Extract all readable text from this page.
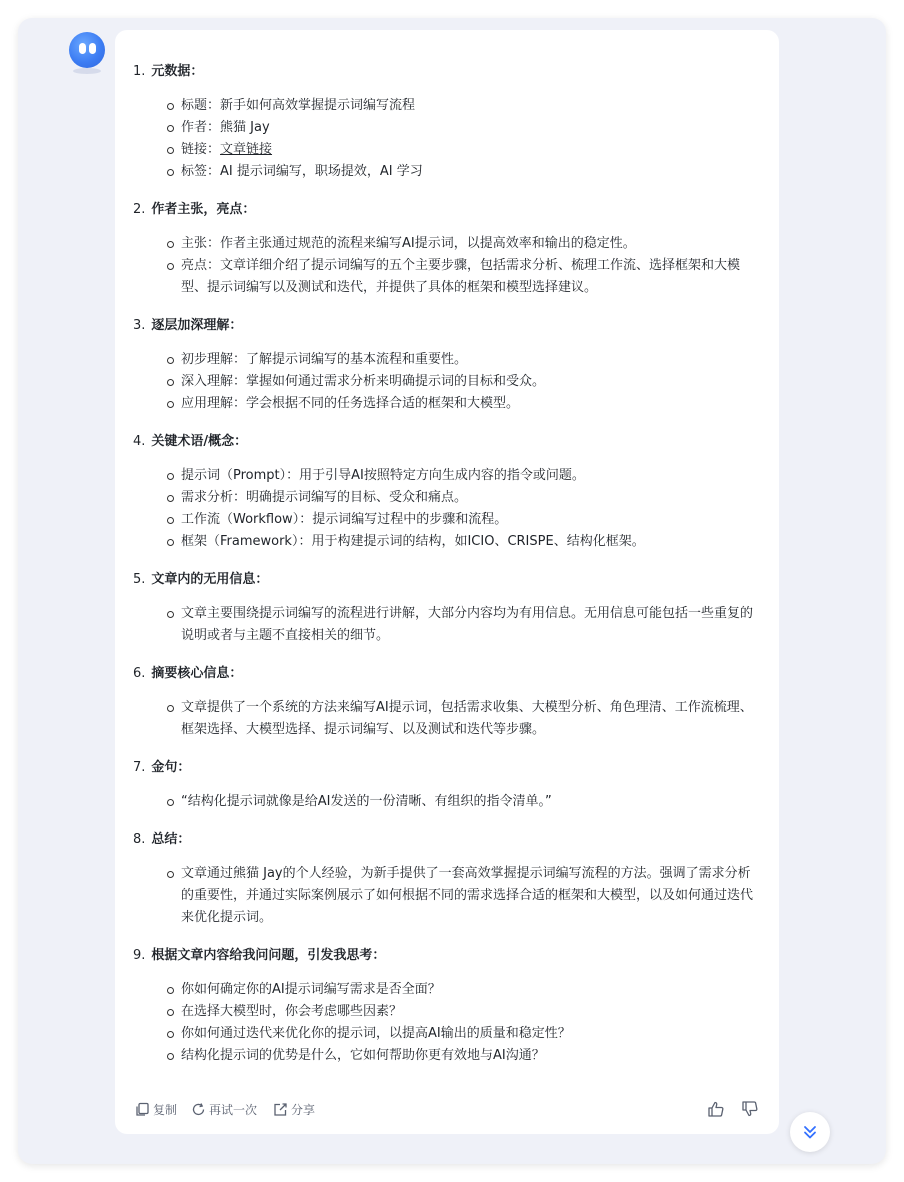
1. 元数据：
标题：新手如何高效掌握提示词编写流程
作者：熊猫 Jay
链接：文章链接
标签：AI 提示词编写，职场提效，AI 学习
2. 作者主张，亮点：
主张：作者主张通过规范的流程来编写AI提示词，以提高效率和输出的稳定性。
亮点：文章详细介绍了提示词编写的五个主要步骤，包括需求分析、梳理工作流、选择框架和大模型、提示词编写以及测试和迭代，并提供了具体的框架和模型选择建议。
3. 逐层加深理解：
初步理解：了解提示词编写的基本流程和重要性。
深入理解：掌握如何通过需求分析来明确提示词的目标和受众。
应用理解：学会根据不同的任务选择合适的框架和大模型。
4. 关键术语/概念：
提示词（Prompt）：用于引导AI按照特定方向生成内容的指令或问题。
需求分析：明确提示词编写的目标、受众和痛点。
工作流（Workflow）：提示词编写过程中的步骤和流程。
框架（Framework）：用于构建提示词的结构，如ICIO、CRISPE、结构化框架。
5. 文章内的无用信息：
文章主要围绕提示词编写的流程进行讲解，大部分内容均为有用信息。无用信息可能包括一些重复的说明或者与主题不直接相关的细节。
6. 摘要核心信息：
文章提供了一个系统的方法来编写AI提示词，包括需求收集、大模型分析、角色理清、工作流梳理、框架选择、大模型选择、提示词编写、以及测试和迭代等步骤。
7. 金句：
“结构化提示词就像是给AI发送的一份清晰、有组织的指令清单。”
8. 总结：
文章通过熊猫 Jay的个人经验，为新手提供了一套高效掌握提示词编写流程的方法。强调了需求分析的重要性，并通过实际案例展示了如何根据不同的需求选择合适的框架和大模型，以及如何通过迭代来优化提示词。
9. 根据文章内容给我问问题，引发我思考：
你如何确定你的AI提示词编写需求是否全面？
在选择大模型时，你会考虑哪些因素？
你如何通过迭代来优化你的提示词，以提高AI输出的质量和稳定性？
结构化提示词的优势是什么，它如何帮助你更有效地与AI沟通？
复制	再试一次	分享
